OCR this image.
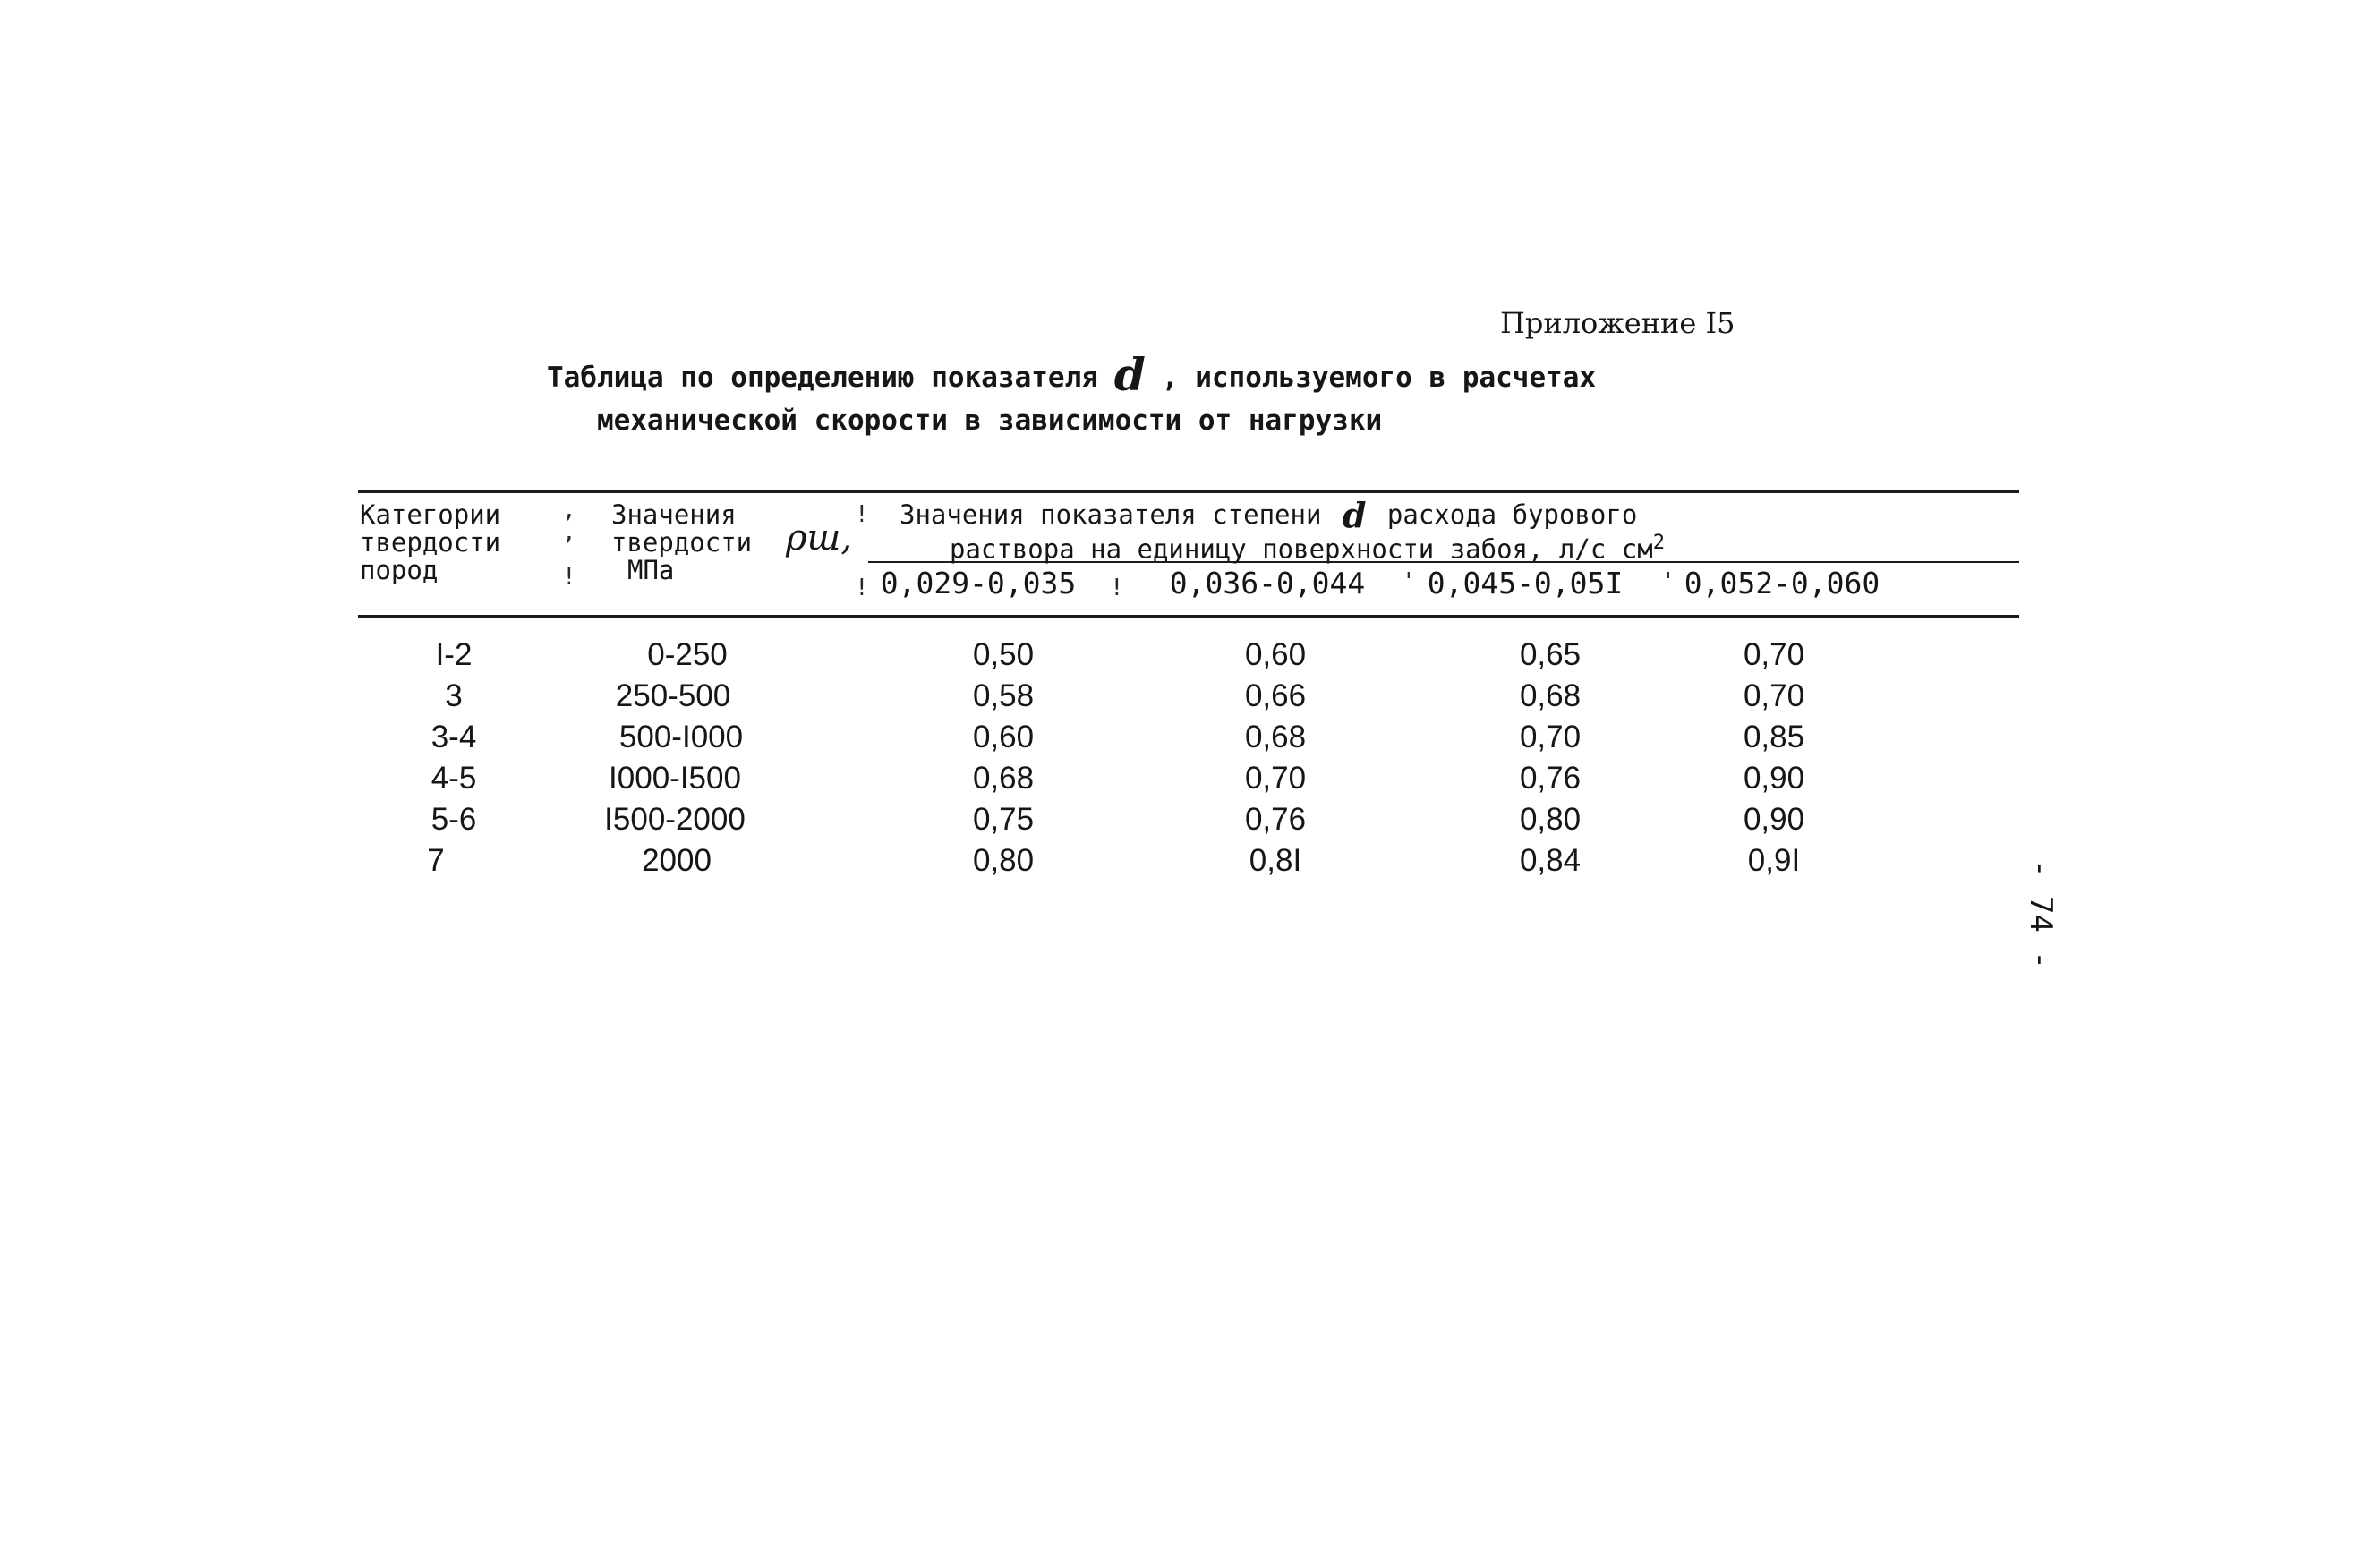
Приложение I5
Таблица по определению показателя d , используемого в расчетах
механической скорости в зависимости от нагрузки
Категории
твердости
пород
Значения
твердости
МПа
ρш,
Значения показателя степени d расхода бурового
раствора на единицу поверхности забоя, л/с $см^2$
,
,
!
!
!	!	'	'
0,029-0,035	0,036-0,044 0,045-0,05I 0,052-0,060
I-2	0-250	0,50	0,60	0,65	0,70
3	250-500	0,58	0,66	0,68	0,70
3-4	500-I000	0,60	0,68	0,70	0,85
4-5	I000-I500	0,68	0,70	0,76	0,90
5-6	I500-2000	0,75	0,76	0,80	0,90
7	2000	0,80	0,8I	0,84	0,9I	- 74 -
